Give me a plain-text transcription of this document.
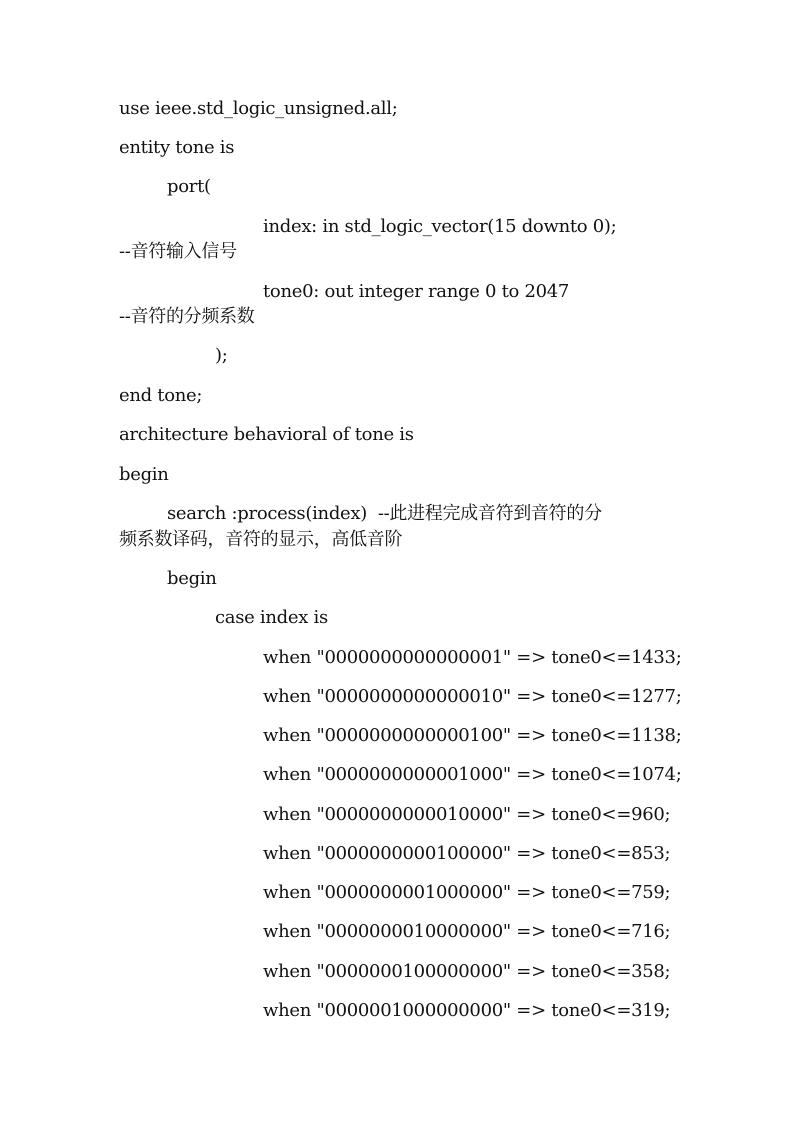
use ieee.std_logic_unsigned.all;
entity tone is
port(
index: in std_logic_vector(15 downto 0);
--音符输入信号
tone0: out integer range 0 to 2047
--音符的分频系数
);
end tone;
architecture behavioral of tone is
begin
search :process(index)  --此进程完成音符到音符的分
频系数译码，音符的显示，高低音阶
begin
case index is
when "0000000000000001" => tone0<=1433;
when "0000000000000010" => tone0<=1277;
when "0000000000000100" => tone0<=1138;
when "0000000000001000" => tone0<=1074;
when "0000000000010000" => tone0<=960;
when "0000000000100000" => tone0<=853;
when "0000000001000000" => tone0<=759;
when "0000000010000000" => tone0<=716;
when "0000000100000000" => tone0<=358;
when "0000001000000000" => tone0<=319;
